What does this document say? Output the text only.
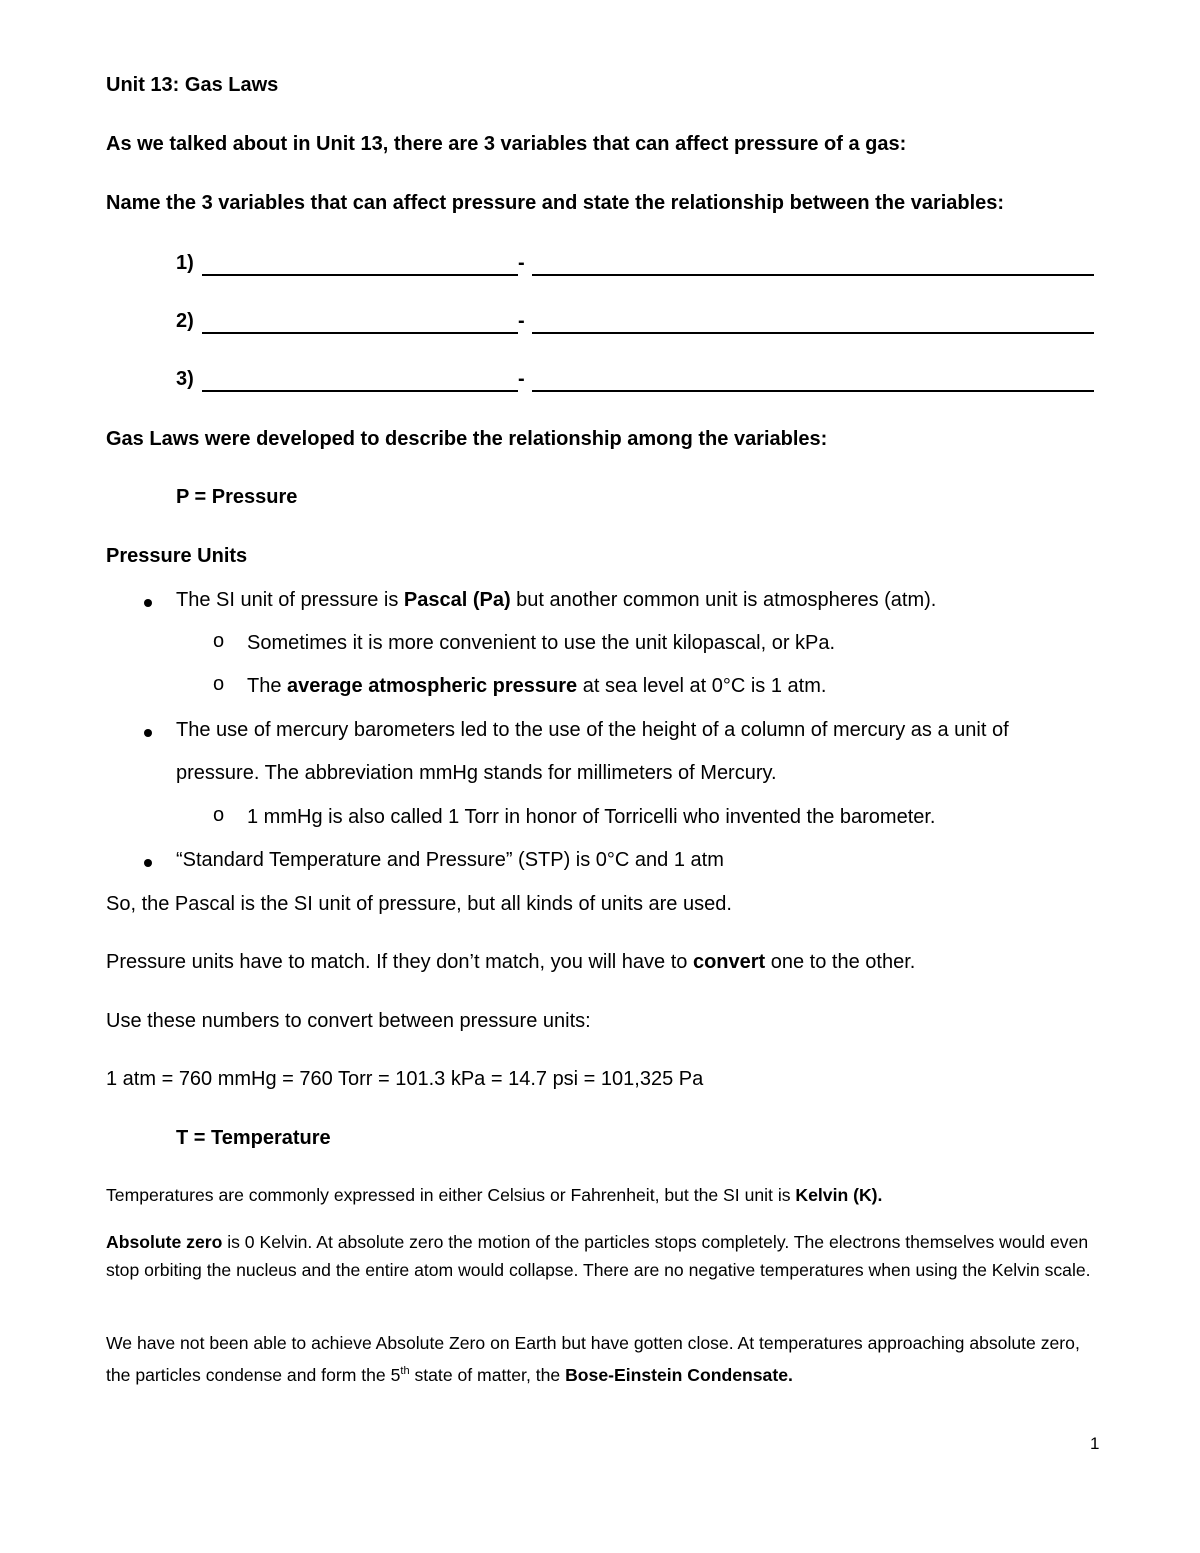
Unit 13: Gas Laws
As we talked about in Unit 13, there are 3 variables that can affect pressure of a gas:
Name the 3 variables that can affect pressure and state the relationship between the variables:
1)	-
2)	-
3)	-
Gas Laws were developed to describe the relationship among the variables:
P = Pressure
Pressure Units
The SI unit of pressure is Pascal (Pa) but another common unit is atmospheres (atm).
o Sometimes it is more convenient to use the unit kilopascal, or kPa.
o The average atmospheric pressure at sea level at 0°C is 1 atm.
The use of mercury barometers led to the use of the height of a column of mercury as a unit of
pressure. The abbreviation mmHg stands for millimeters of Mercury.
o 1 mmHg is also called 1 Torr in honor of Torricelli who invented the barometer.
“Standard Temperature and Pressure” (STP) is 0°C and 1 atm
So, the Pascal is the SI unit of pressure, but all kinds of units are used.
Pressure units have to match. If they don’t match, you will have to convert one to the other.
Use these numbers to convert between pressure units:
1 atm = 760 mmHg = 760 Torr = 101.3 kPa = 14.7 psi = 101,325 Pa
T = Temperature
Temperatures are commonly expressed in either Celsius or Fahrenheit, but the SI unit is Kelvin (K).
Absolute zero is 0 Kelvin. At absolute zero the motion of the particles stops completely. The electrons themselves would even stop orbiting the nucleus and the entire atom would collapse. There are no negative temperatures when using the Kelvin scale.
We have not been able to achieve Absolute Zero on Earth but have gotten close. At temperatures approaching absolute zero, the particles condense and form the 5th state of matter, the Bose-Einstein Condensate.
1
